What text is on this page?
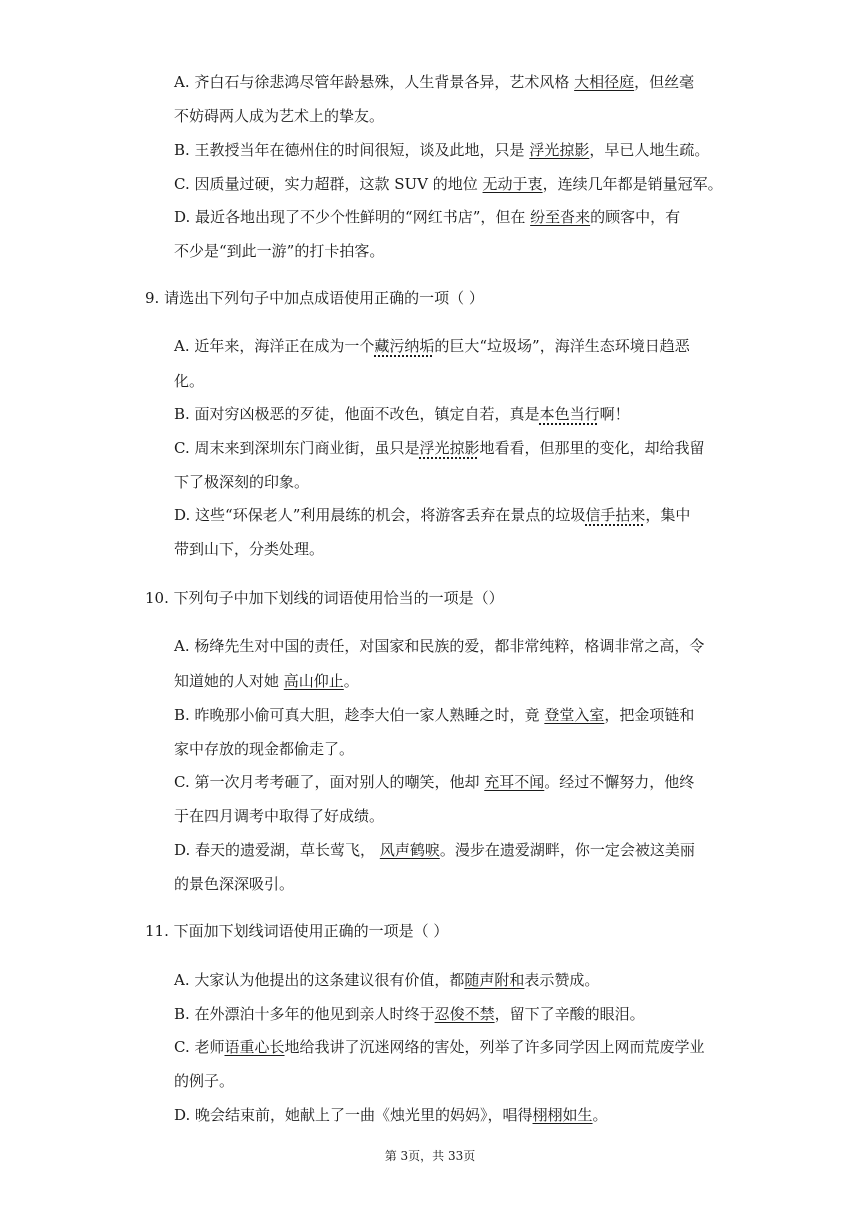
A. 齐白石与徐悲鸿尽管年龄悬殊，人生背景各异，艺术风格 大相径庭，但丝毫
不妨碍两人成为艺术上的挚友。
B. 王教授当年在德州住的时间很短，谈及此地，只是 浮光掠影，早已人地生疏。
C. 因质量过硬，实力超群，这款 SUV 的地位 无动于衷，连续几年都是销量冠军。
D. 最近各地出现了不少个性鲜明的“网红书店”，但在 纷至沓来的顾客中，有
不少是“到此一游”的打卡拍客。
9. 请选出下列句子中加点成语使用正确的一项（ ）
A. 近年来，海洋正在成为一个藏污纳垢的巨大“垃圾场”，海洋生态环境日趋恶
化。
B. 面对穷凶极恶的歹徒，他面不改色，镇定自若，真是本色当行啊！
C. 周末来到深圳东门商业街，虽只是浮光掠影地看看，但那里的变化，却给我留
下了极深刻的印象。
D. 这些“环保老人”利用晨练的机会，将游客丢弃在景点的垃圾信手拈来，集中
带到山下，分类处理。
10. 下列句子中加下划线的词语使用恰当的一项是（）
A. 杨绛先生对中国的责任，对国家和民族的爱，都非常纯粹，格调非常之高，令
知道她的人对她 高山仰止。
B. 昨晚那小偷可真大胆，趁李大伯一家人熟睡之时，竟 登堂入室，把金项链和
家中存放的现金都偷走了。
C. 第一次月考考砸了，面对别人的嘲笑，他却 充耳不闻。经过不懈努力，他终
于在四月调考中取得了好成绩。
D. 春天的遗爱湖，草长莺飞， 风声鹤唳。漫步在遗爱湖畔，你一定会被这美丽
的景色深深吸引。
11. 下面加下划线词语使用正确的一项是（ ）
A. 大家认为他提出的这条建议很有价值，都随声附和表示赞成。
B. 在外漂泊十多年的他见到亲人时终于忍俊不禁，留下了辛酸的眼泪。
C. 老师语重心长地给我讲了沉迷网络的害处，列举了许多同学因上网而荒废学业
的例子。
D. 晚会结束前，她献上了一曲《烛光里的妈妈》，唱得栩栩如生。
第 3页，共 33页
